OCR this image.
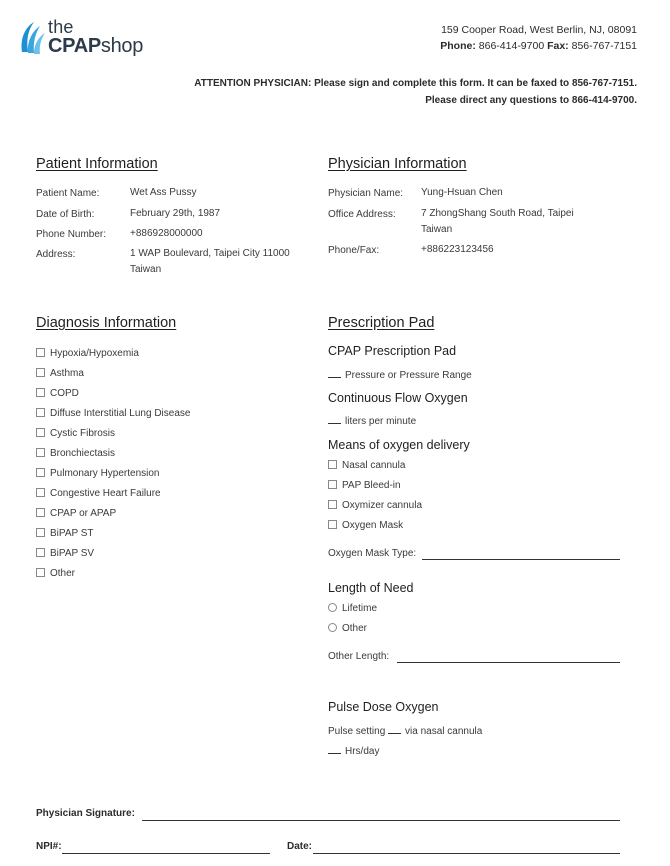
the
CPAPshop
159 Cooper Road, West Berlin, NJ, 08091
Phone: 866-414-9700 Fax: 856-767-7151
ATTENTION PHYSICIAN: Please sign and complete this form. It can be faxed to 856-767-7151.
Please direct any questions to 866-414-9700.
Patient Information
Patient Name:	Wet Ass Pussy
Date of Birth:	February 29th, 1987
Phone Number: +886928000000
Address:	1 WAP Boulevard, Taipei City 11000
Taiwan
Physician Information
Physician Name: Yung-Hsuan Chen
Office Address:	7 ZhongShang South Road, Taipei
Taiwan
Phone/Fax:	+886223123456
Diagnosis Information
Hypoxia/Hypoxemia
Asthma
COPD
Diffuse Interstitial Lung Disease
Cystic Fibrosis
Bronchiectasis
Pulmonary Hypertension
Congestive Heart Failure
CPAP or APAP
BiPAP ST
BiPAP SV
Other
Prescription Pad
CPAP Prescription Pad
Pressure or Pressure Range
Continuous Flow Oxygen
liters per minute
Means of oxygen delivery
Nasal cannula
PAP Bleed-in
Oxymizer cannula
Oxygen Mask
Oxygen Mask Type:
Length of Need
Lifetime
Other
Other Length:
Pulse Dose Oxygen
Pulse setting via nasal cannula
Hrs/day
Physician Signature:
NPI#:	Date:
